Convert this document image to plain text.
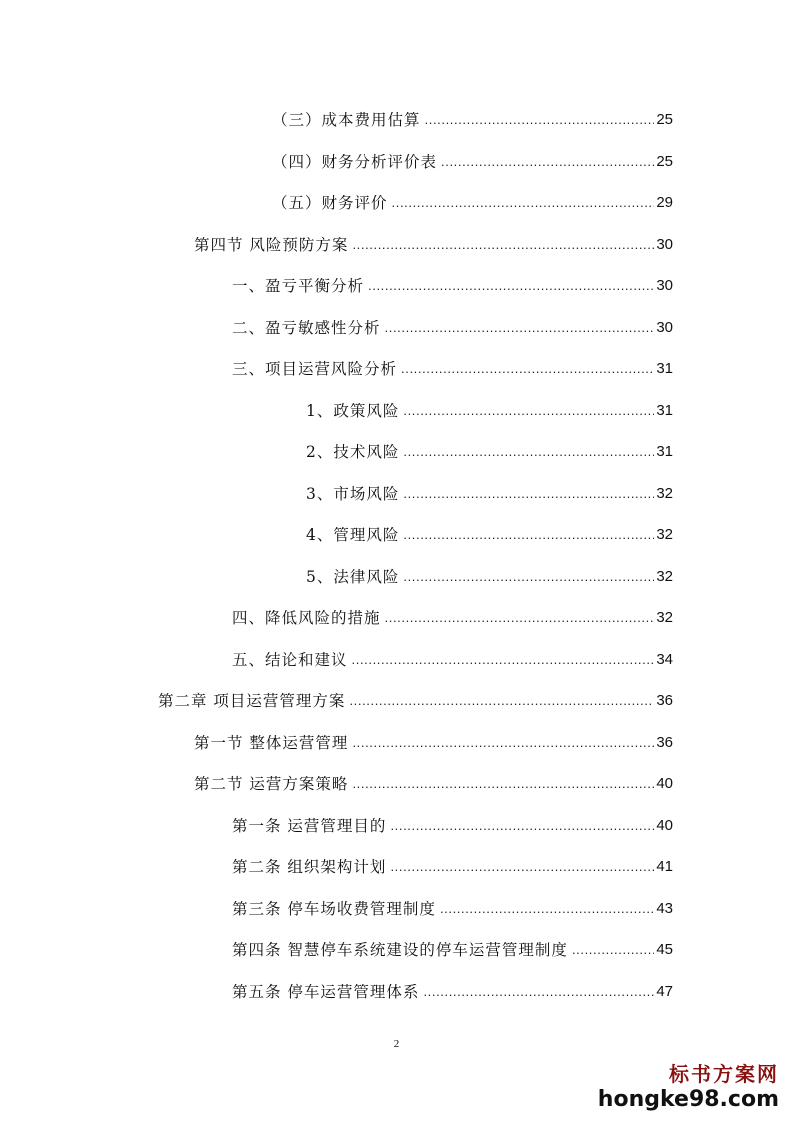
（三）成本费用估算 .....	25
（四）财务分析评价表 .....	25
（五）财务评价 .....	29
第四节 风险预防方案 .....	30
一、盈亏平衡分析 .....	30
二、盈亏敏感性分析 .....	30
三、项目运营风险分析 .....	31
1、政策风险 .....	31
2、技术风险 .....	31
3、市场风险 .....	32
4、管理风险 .....	32
5、法律风险 .....	32
四、降低风险的措施 .....	32
五、结论和建议 .....	34
第二章 项目运营管理方案 .....	36
第一节 整体运营管理 .....	36
第二节 运营方案策略 .....	40
第一条 运营管理目的 .....	40
第二条 组织架构计划 .....	41
第三条 停车场收费管理制度 .....	43
第四条 智慧停车系统建设的停车运营管理制度 .....	45
第五条 停车运营管理体系 .....	47
2
标书方案网
hongke98.com
